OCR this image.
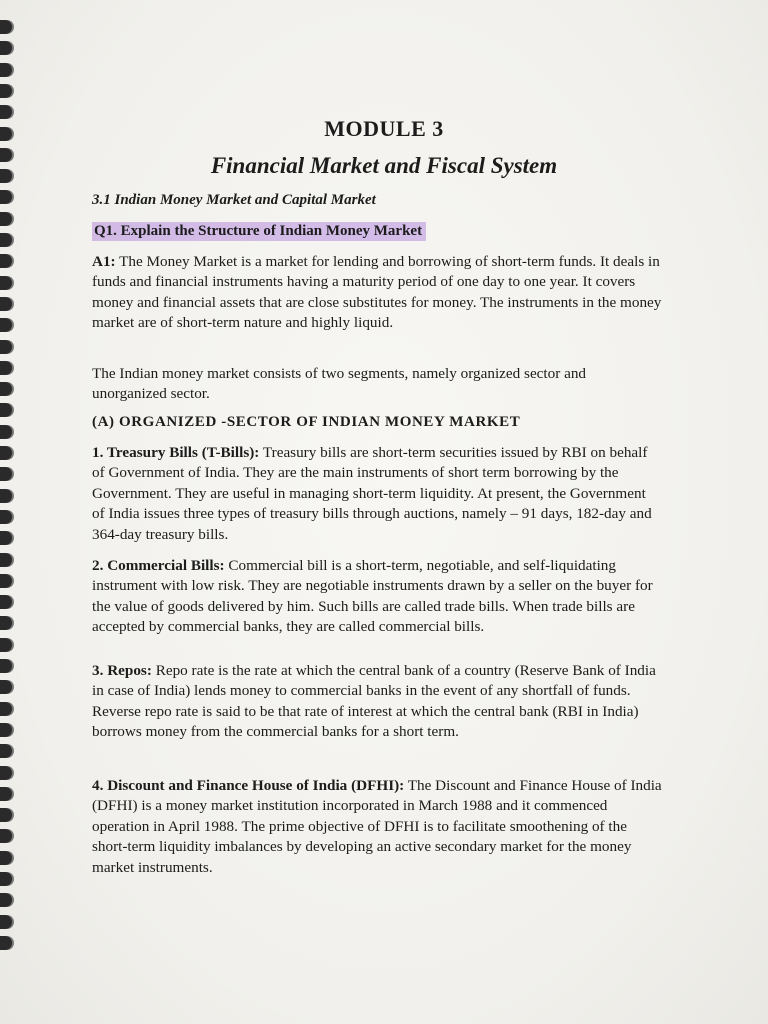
MODULE 3
Financial Market and Fiscal System
3.1 Indian Money Market and Capital Market
Q1. Explain the Structure of Indian Money Market
A1: The Money Market is a market for lending and borrowing of short-term funds. It deals in funds and financial instruments having a maturity period of one day to one year. It covers money and financial assets that are close substitutes for money. The instruments in the money market are of short-term nature and highly liquid.
The Indian money market consists of two segments, namely organized sector and unorganized sector.
(A) ORGANIZED -SECTOR OF INDIAN MONEY MARKET
1. Treasury Bills (T-Bills): Treasury bills are short-term securities issued by RBI on behalf of Government of India. They are the main instruments of short term borrowing by the Government. They are useful in managing short-term liquidity. At present, the Government of India issues three types of treasury bills through auctions, namely – 91 days, 182-day and 364-day treasury bills.
2. Commercial Bills: Commercial bill is a short-term, negotiable, and self-liquidating instrument with low risk. They are negotiable instruments drawn by a seller on the buyer for the value of goods delivered by him. Such bills are called trade bills. When trade bills are accepted by commercial banks, they are called commercial bills.
3. Repos: Repo rate is the rate at which the central bank of a country (Reserve Bank of India in case of India) lends money to commercial banks in the event of any shortfall of funds. Reverse repo rate is said to be that rate of interest at which the central bank (RBI in India) borrows money from the commercial banks for a short term.
4. Discount and Finance House of India (DFHI): The Discount and Finance House of India (DFHI) is a money market institution incorporated in March 1988 and it commenced operation in April 1988. The prime objective of DFHI is to facilitate smoothening of the short-term liquidity imbalances by developing an active secondary market for the money market instruments.
